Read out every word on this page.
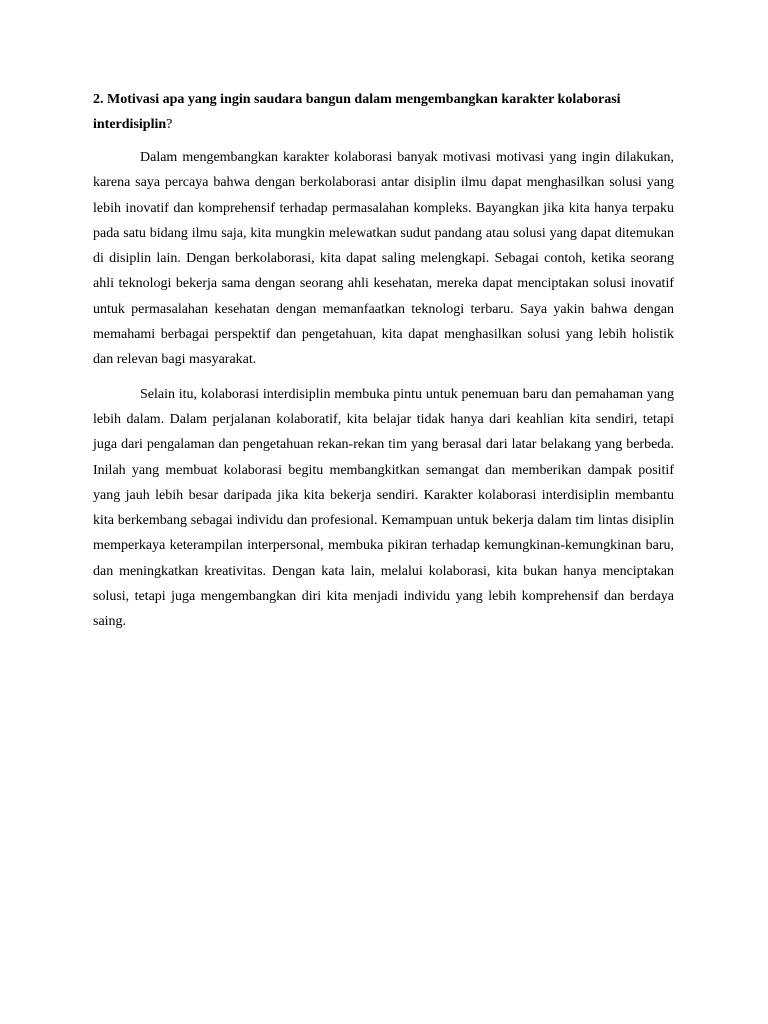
2. Motivasi apa yang ingin saudara bangun dalam mengembangkan karakter kolaborasi interdisiplin?

Dalam mengembangkan karakter kolaborasi banyak motivasi motivasi yang ingin dilakukan, karena saya percaya bahwa dengan berkolaborasi antar disiplin ilmu dapat menghasilkan solusi yang lebih inovatif dan komprehensif terhadap permasalahan kompleks. Bayangkan jika kita hanya terpaku pada satu bidang ilmu saja, kita mungkin melewatkan sudut pandang atau solusi yang dapat ditemukan di disiplin lain. Dengan berkolaborasi, kita dapat saling melengkapi. Sebagai contoh, ketika seorang ahli teknologi bekerja sama dengan seorang ahli kesehatan, mereka dapat menciptakan solusi inovatif untuk permasalahan kesehatan dengan memanfaatkan teknologi terbaru. Saya yakin bahwa dengan memahami berbagai perspektif dan pengetahuan, kita dapat menghasilkan solusi yang lebih holistik dan relevan bagi masyarakat.

Selain itu, kolaborasi interdisiplin membuka pintu untuk penemuan baru dan pemahaman yang lebih dalam. Dalam perjalanan kolaboratif, kita belajar tidak hanya dari keahlian kita sendiri, tetapi juga dari pengalaman dan pengetahuan rekan-rekan tim yang berasal dari latar belakang yang berbeda. Inilah yang membuat kolaborasi begitu membangkitkan semangat dan memberikan dampak positif yang jauh lebih besar daripada jika kita bekerja sendiri. Karakter kolaborasi interdisiplin membantu kita berkembang sebagai individu dan profesional. Kemampuan untuk bekerja dalam tim lintas disiplin memperkaya keterampilan interpersonal, membuka pikiran terhadap kemungkinan-kemungkinan baru, dan meningkatkan kreativitas. Dengan kata lain, melalui kolaborasi, kita bukan hanya menciptakan solusi, tetapi juga mengembangkan diri kita menjadi individu yang lebih komprehensif dan berdaya saing.
